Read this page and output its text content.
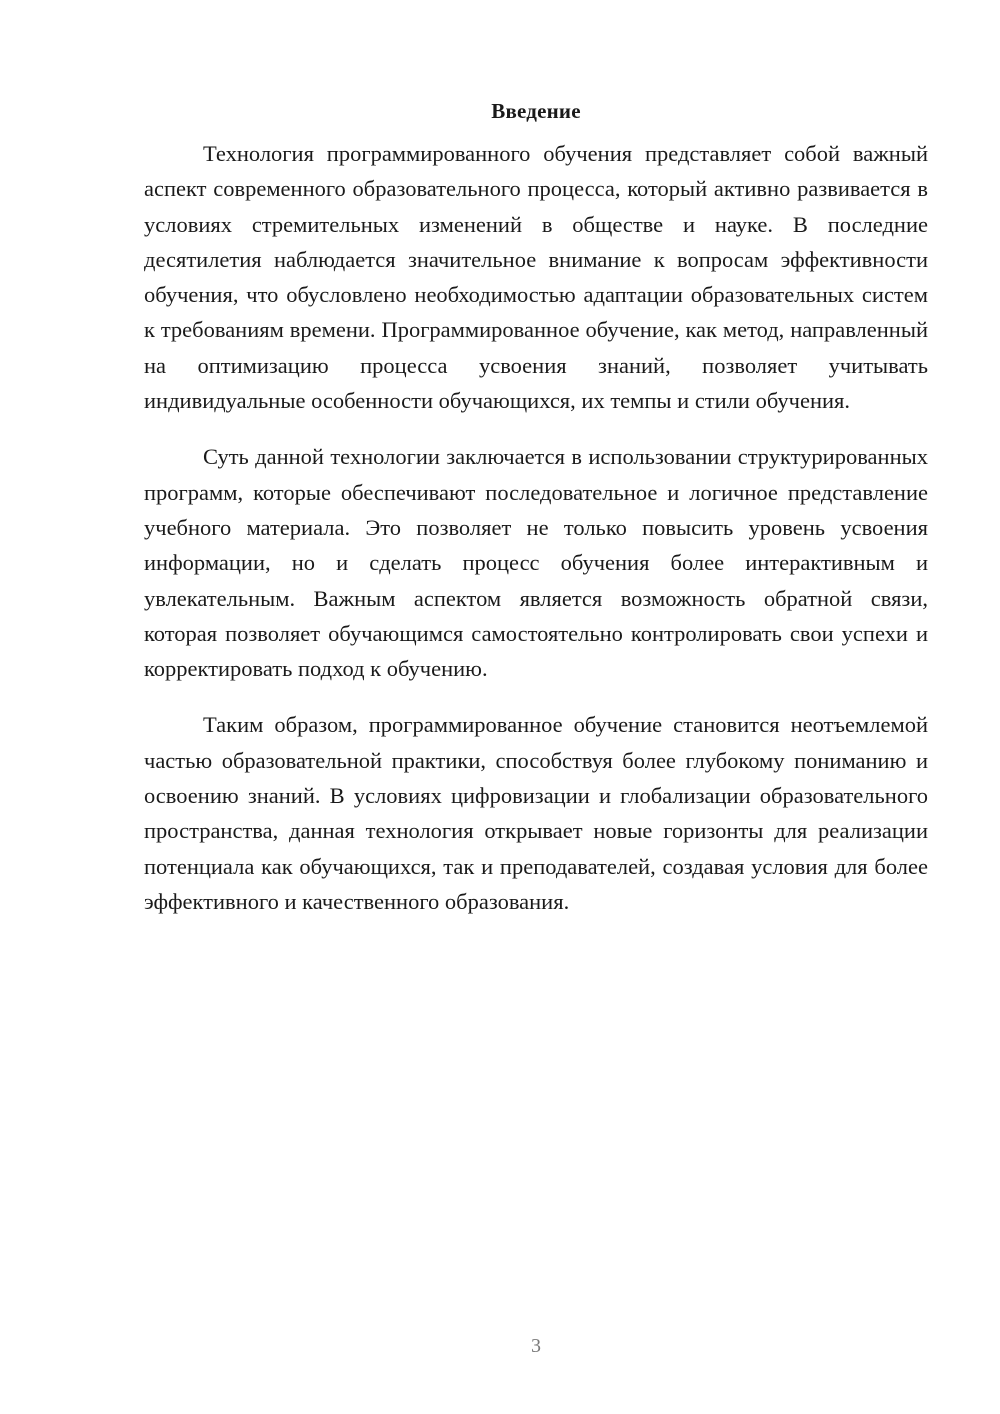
Введение

Технология программированного обучения представляет собой важный аспект современного образовательного процесса, который активно развивается в условиях стремительных изменений в обществе и науке. В последние десятилетия наблюдается значительное внимание к вопросам эффективности обучения, что обусловлено необходимостью адаптации образовательных систем к требованиям времени. Программированное обучение, как метод, направленный на оптимизацию процесса усвоения знаний, позволяет учитывать индивидуальные особенности обучающихся, их темпы и стили обучения.

Суть данной технологии заключается в использовании структурированных программ, которые обеспечивают последовательное и логичное представление учебного материала. Это позволяет не только повысить уровень усвоения информации, но и сделать процесс обучения более интерактивным и увлекательным. Важным аспектом является возможность обратной связи, которая позволяет обучающимся самостоятельно контролировать свои успехи и корректировать подход к обучению.

Таким образом, программированное обучение становится неотъемлемой частью образовательной практики, способствуя более глубокому пониманию и освоению знаний. В условиях цифровизации и глобализации образовательного пространства, данная технология открывает новые горизонты для реализации потенциала как обучающихся, так и преподавателей, создавая условия для более эффективного и качественного образования.

3
